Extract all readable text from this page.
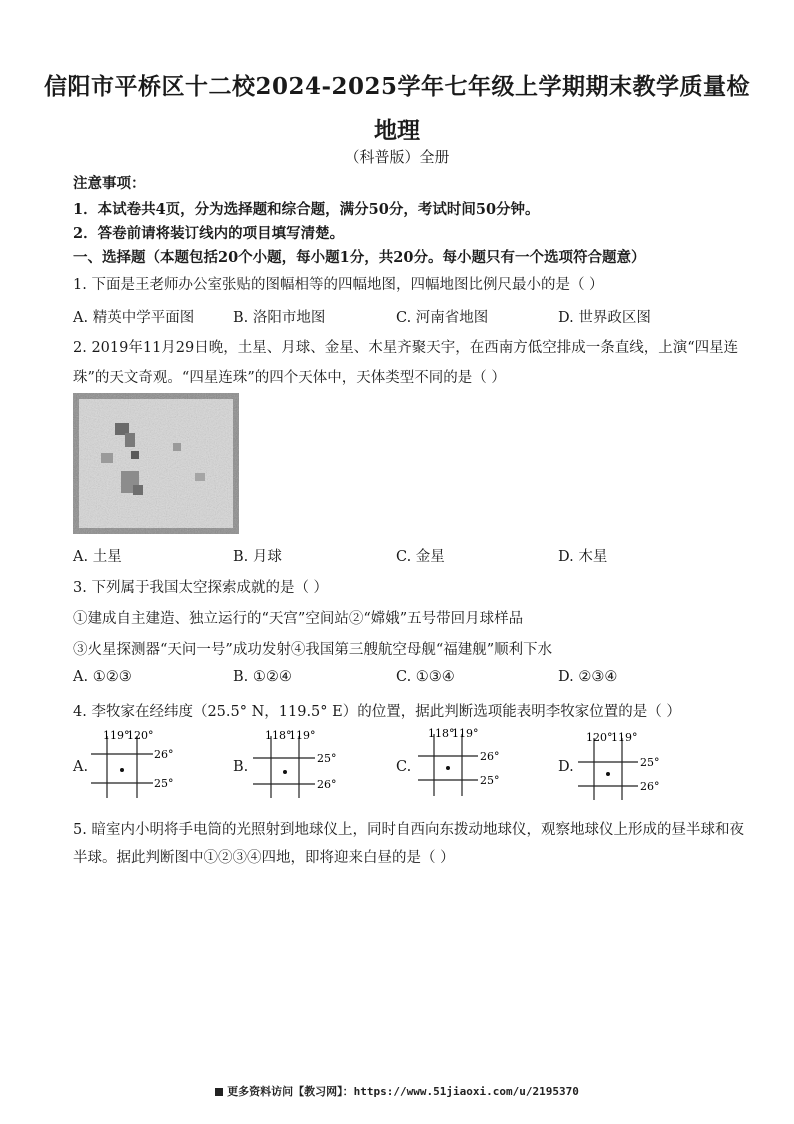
信阳市平桥区十二校2024-2025学年七年级上学期期末教学质量检
地理
（科普版）全册
注意事项：
1．本试卷共4页，分为选择题和综合题，满分50分，考试时间50分钟。
2．答卷前请将装订线内的项目填写清楚。
一、选择题（本题包括20个小题，每小题1分，共20分。每小题只有一个选项符合题意）
1. 下面是王老师办公室张贴的图幅相等的四幅地图，四幅地图比例尺最小的是（ ）
A. 精英中学平面图	B. 洛阳市地图	C. 河南省地图	D. 世界政区图
2. 2019年11月29日晚，土星、月球、金星、木星齐聚天宇，在西南方低空排成一条直线，上演“四星连
珠”的天文奇观。“四星连珠”的四个天体中，天体类型不同的是（ ）
A. 土星	B. 月球	C. 金星	D. 木星
3. 下列属于我国太空探索成就的是（ ）
①建成自主建造、独立运行的“天宫”空间站②“嫦娥”五号带回月球样品
③火星探测器“天问一号”成功发射④我国第三艘航空母舰“福建舰”顺利下水
A. ①②③	B. ①②④	C. ①③④	D. ②③④
4. 李牧家在经纬度（25.5° N，119.5° E）的位置，据此判断选项能表明李牧家位置的是（ ）
A.
119°
120°
26°
25°
B.
118°
119°
25°
26°
C.
118°
119°
26°
25°
D.
120°
119°
25°
26°
5. 暗室内小明将手电筒的光照射到地球仪上，同时自西向东拨动地球仪，观察地球仪上形成的昼半球和夜
半球。据此判断图中①②③④四地，即将迎来白昼的是（ ）
更多资料访问【教习网】：https://www.51jiaoxi.com/u/2195370
